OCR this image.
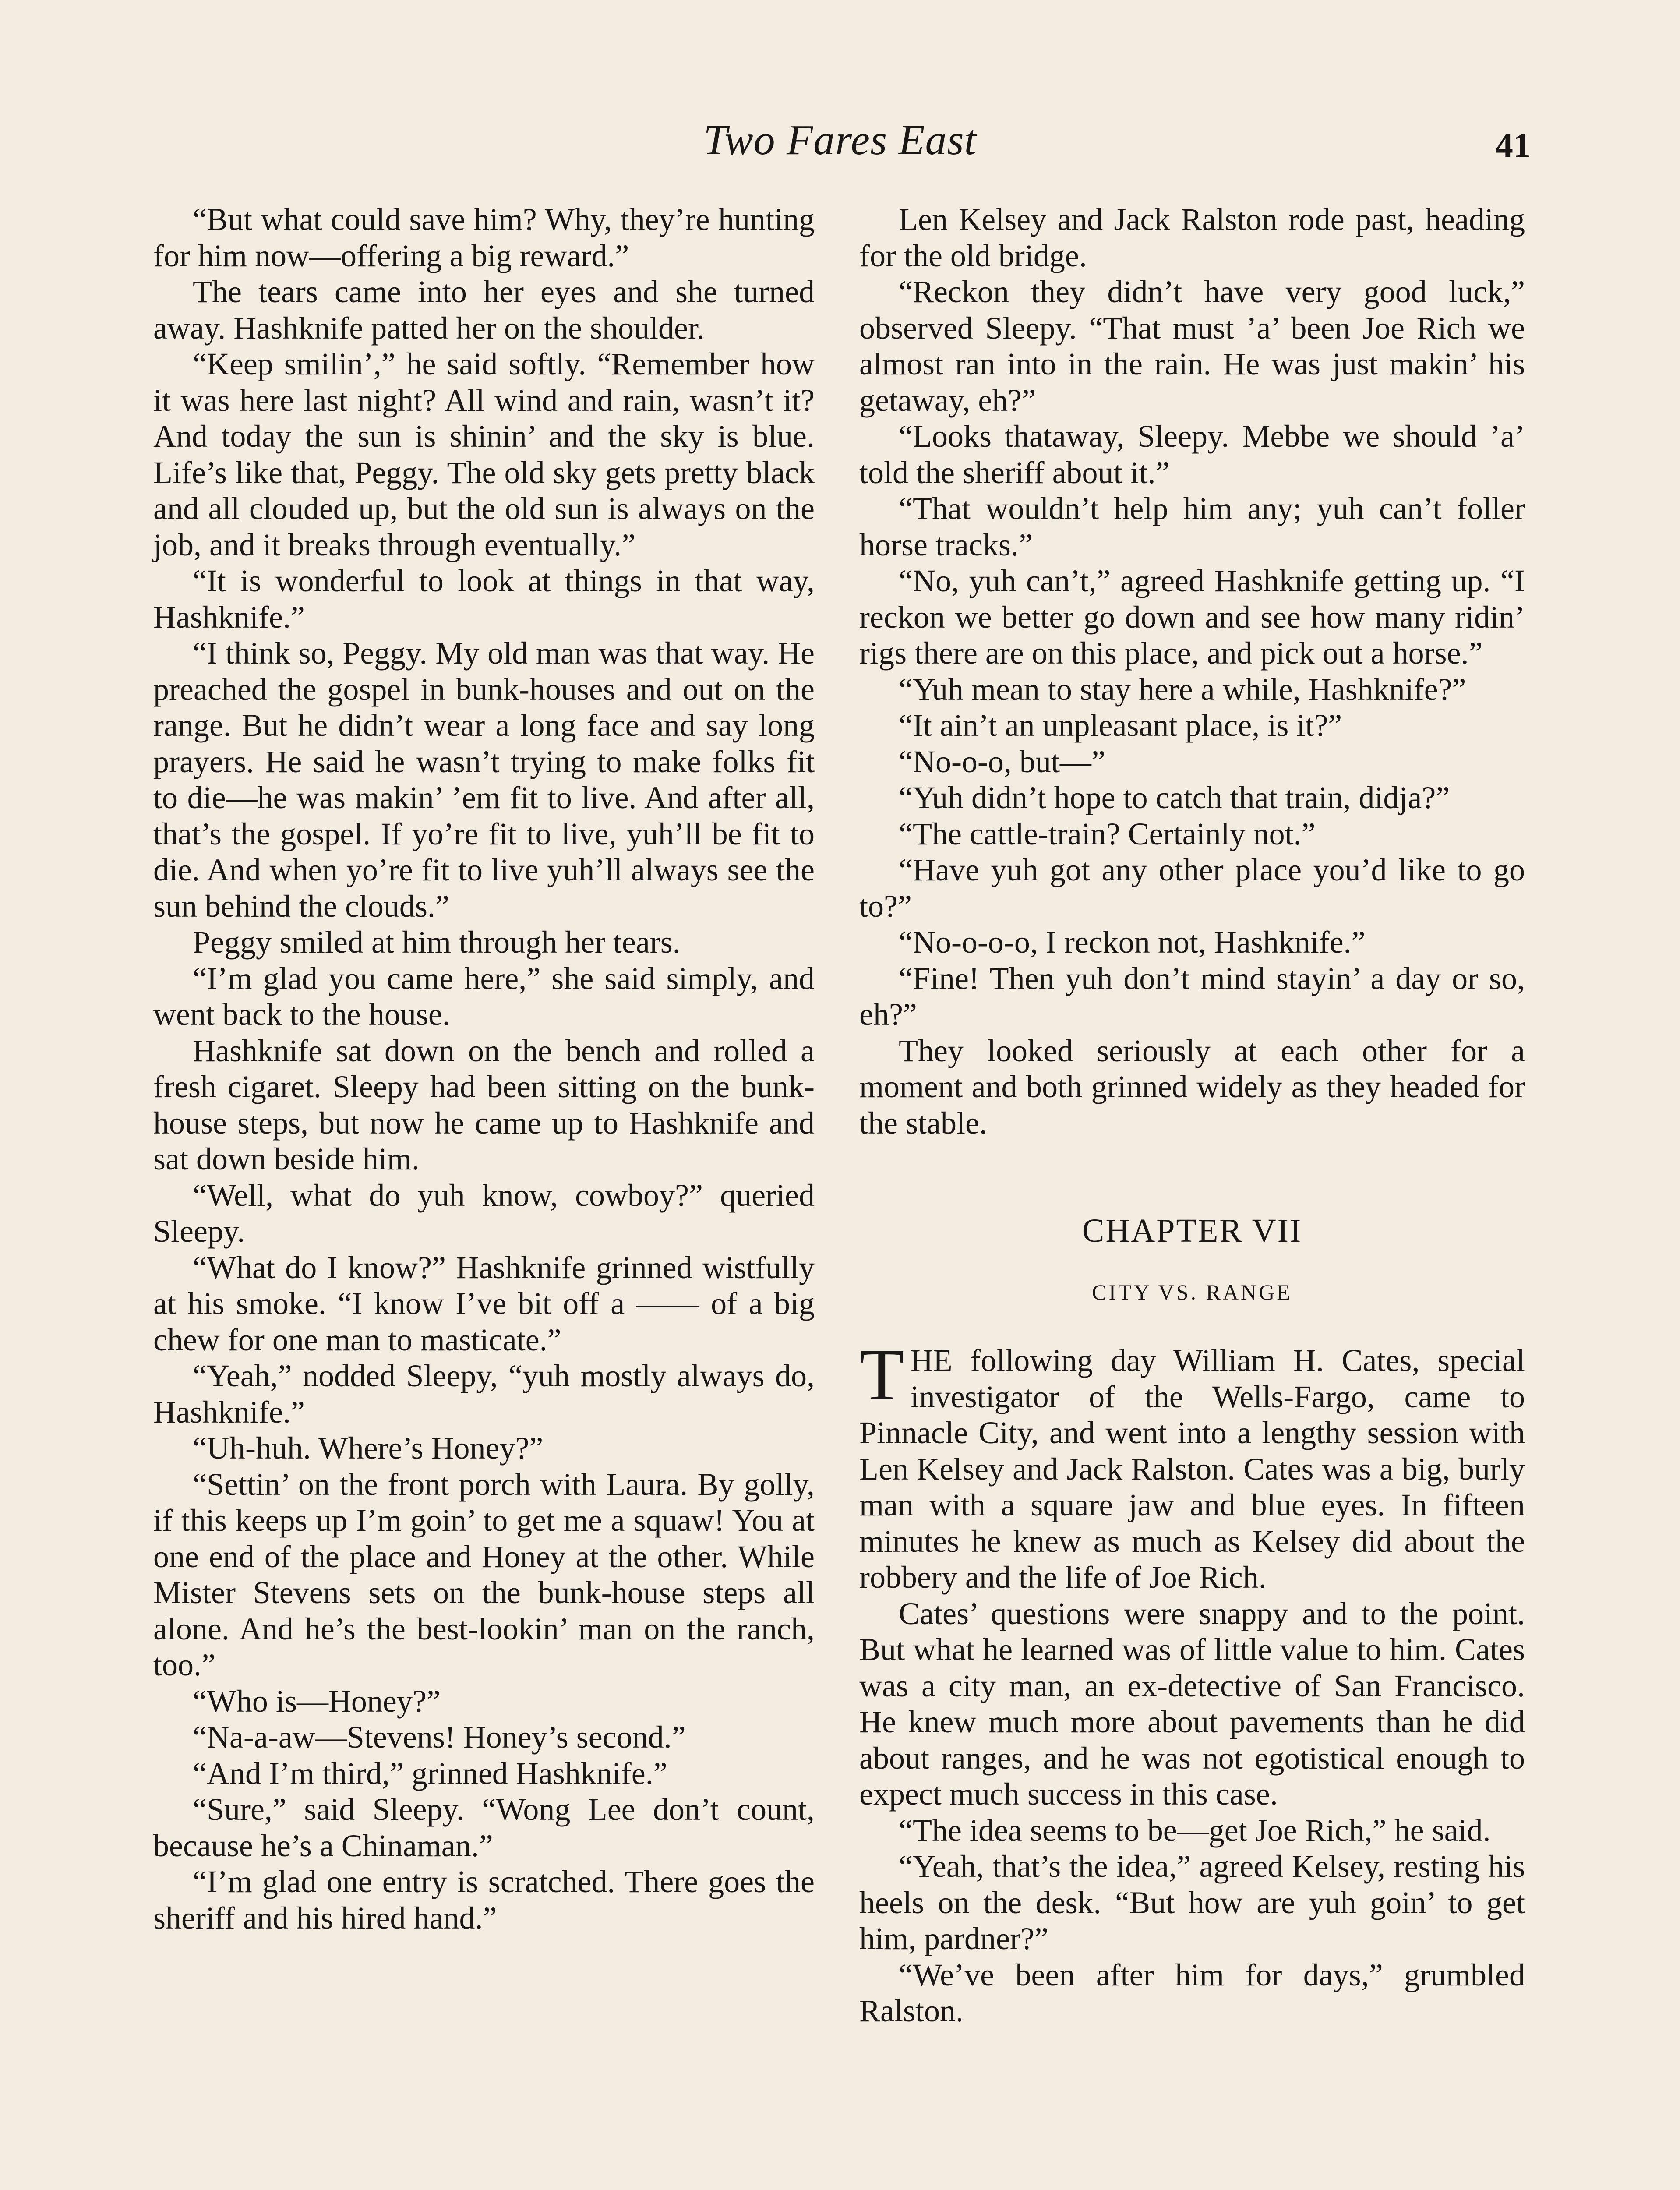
Two Fares East	41

“But what could save him? Why, they’re hunting for him now—offering a big reward.”

The tears came into her eyes and she turned away. Hashknife patted her on the shoulder.

“Keep smilin’,” he said softly. “Remember how it was here last night? All wind and rain, wasn’t it? And today the sun is shinin’ and the sky is blue. Life’s like that, Peggy. The old sky gets pretty black and all clouded up, but the old sun is always on the job, and it breaks through eventually.”

“It is wonderful to look at things in that way, Hashknife.”

“I think so, Peggy. My old man was that way. He preached the gospel in bunk-houses and out on the range. But he didn’t wear a long face and say long prayers. He said he wasn’t trying to make folks fit to die—he was makin’ ’em fit to live. And after all, that’s the gospel. If yo’re fit to live, yuh’ll be fit to die. And when yo’re fit to live yuh’ll always see the sun behind the clouds.”

Peggy smiled at him through her tears.

“I’m glad you came here,” she said simply, and went back to the house.

Hashknife sat down on the bench and rolled a fresh cigaret. Sleepy had been sitting on the bunk-house steps, but now he came up to Hashknife and sat down beside him.

“Well, what do yuh know, cowboy?” queried Sleepy.

“What do I know?” Hashknife grinned wistfully at his smoke. “I know I’ve bit off a —— of a big chew for one man to masticate.”

“Yeah,” nodded Sleepy, “yuh mostly always do, Hashknife.”

“Uh-huh. Where’s Honey?”

“Settin’ on the front porch with Laura. By golly, if this keeps up I’m goin’ to get me a squaw! You at one end of the place and Honey at the other. While Mister Stevens sets on the bunk-house steps all alone. And he’s the best-lookin’ man on the ranch, too.”

“Who is—Honey?”

“Na-a-aw—Stevens! Honey’s second.”

“And I’m third,” grinned Hashknife.”

“Sure,” said Sleepy. “Wong Lee don’t count, because he’s a Chinaman.”

“I’m glad one entry is scratched. There goes the sheriff and his hired hand.”

Len Kelsey and Jack Ralston rode past, heading for the old bridge.

“Reckon they didn’t have very good luck,” observed Sleepy. “That must ’a’ been Joe Rich we almost ran into in the rain. He was just makin’ his getaway, eh?”

“Looks thataway, Sleepy. Mebbe we should ’a’ told the sheriff about it.”

“That wouldn’t help him any; yuh can’t foller horse tracks.”

“No, yuh can’t,” agreed Hashknife getting up. “I reckon we better go down and see how many ridin’ rigs there are on this place, and pick out a horse.”

“Yuh mean to stay here a while, Hashknife?”

“It ain’t an unpleasant place, is it?”

“No-o-o, but—”

“Yuh didn’t hope to catch that train, didja?”

“The cattle-train? Certainly not.”

“Have yuh got any other place you’d like to go to?”

“No-o-o-o, I reckon not, Hashknife.”

“Fine! Then yuh don’t mind stayin’ a day or so, eh?”

They looked seriously at each other for a moment and both grinned widely as they headed for the stable.

CHAPTER VII
CITY VS. RANGE

THE following day William H. Cates, special investigator of the Wells-Fargo, came to Pinnacle City, and went into a lengthy session with Len Kelsey and Jack Ralston. Cates was a big, burly man with a square jaw and blue eyes. In fifteen minutes he knew as much as Kelsey did about the robbery and the life of Joe Rich.

Cates’ questions were snappy and to the point. But what he learned was of little value to him. Cates was a city man, an ex-detective of San Francisco. He knew much more about pavements than he did about ranges, and he was not egotistical enough to expect much success in this case.

“The idea seems to be—get Joe Rich,” he said.

“Yeah, that’s the idea,” agreed Kelsey, resting his heels on the desk. “But how are yuh goin’ to get him, pardner?”

“We’ve been after him for days,” grumbled Ralston.
